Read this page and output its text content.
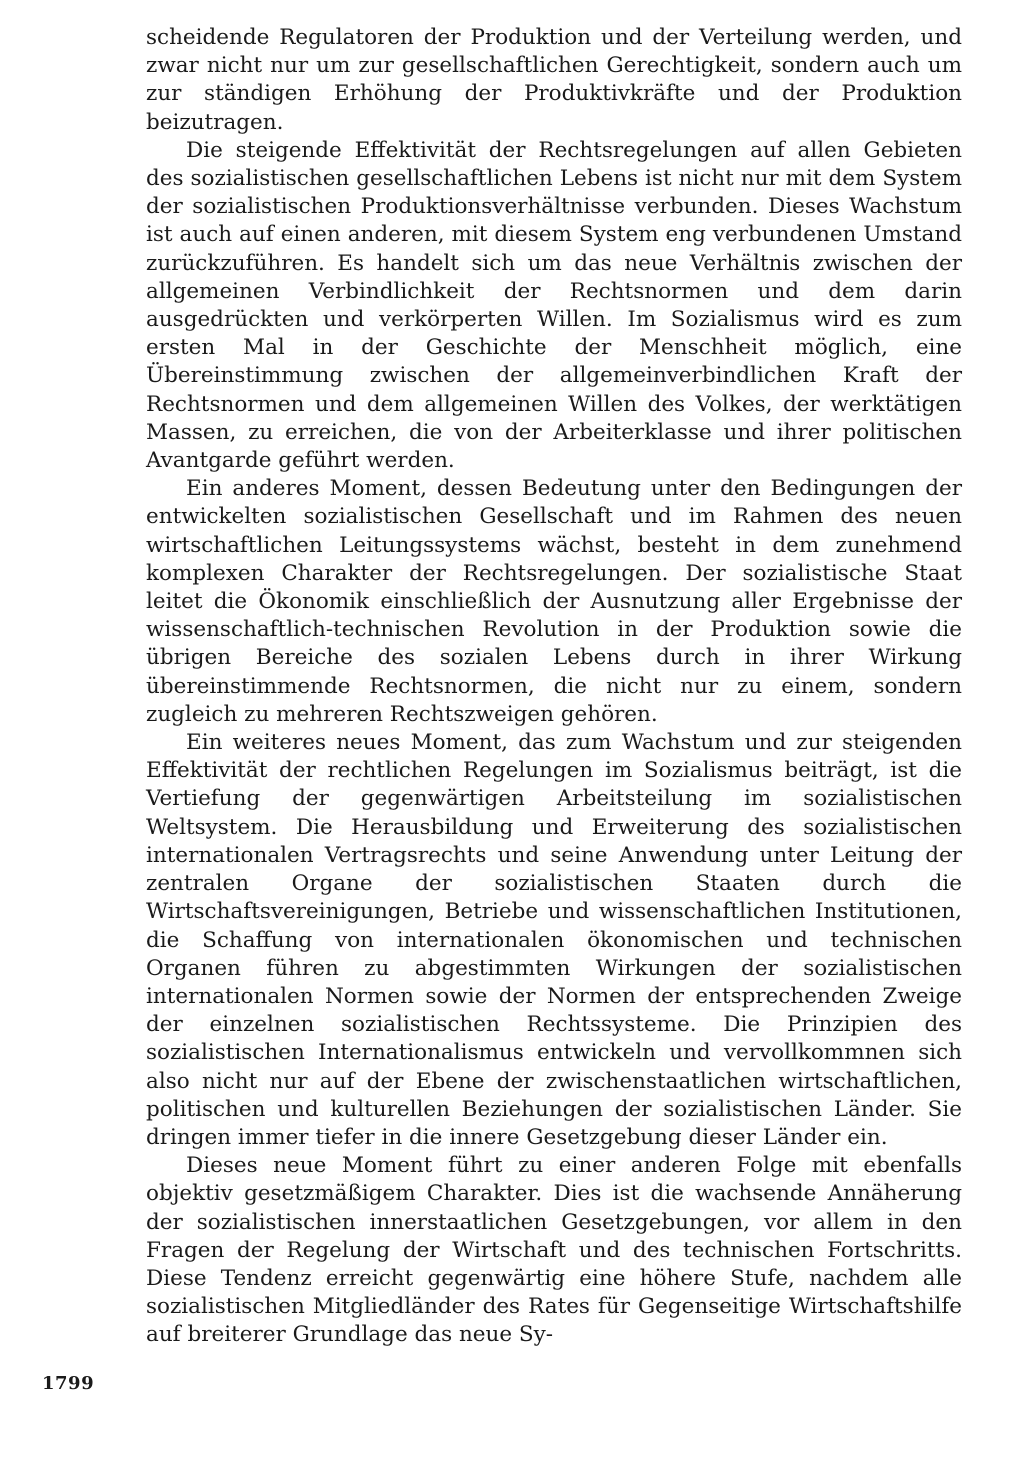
scheidende Regulatoren der Produktion und der Verteilung werden, und zwar nicht nur um zur gesellschaftlichen Gerechtigkeit, sondern auch um zur ständigen Erhöhung der Produktivkräfte und der Produktion beizutragen.

Die steigende Effektivität der Rechtsregelungen auf allen Gebieten des sozialistischen gesellschaftlichen Lebens ist nicht nur mit dem System der sozialistischen Produktionsverhältnisse verbunden. Dieses Wachstum ist auch auf einen anderen, mit diesem System eng verbundenen Umstand zurückzuführen. Es handelt sich um das neue Verhältnis zwischen der allgemeinen Verbindlichkeit der Rechtsnormen und dem darin ausgedrückten und verkörperten Willen. Im Sozialismus wird es zum ersten Mal in der Geschichte der Menschheit möglich, eine Übereinstimmung zwischen der allgemeinverbindlichen Kraft der Rechtsnormen und dem allgemeinen Willen des Volkes, der werktätigen Massen, zu erreichen, die von der Arbeiterklasse und ihrer politischen Avantgarde geführt werden.

Ein anderes Moment, dessen Bedeutung unter den Bedingungen der entwickelten sozialistischen Gesellschaft und im Rahmen des neuen wirtschaftlichen Leitungssystems wächst, besteht in dem zunehmend komplexen Charakter der Rechtsregelungen. Der sozialistische Staat leitet die Ökonomik einschließlich der Ausnutzung aller Ergebnisse der wissenschaftlich-technischen Revolution in der Produktion sowie die übrigen Bereiche des sozialen Lebens durch in ihrer Wirkung übereinstimmende Rechtsnormen, die nicht nur zu einem, sondern zugleich zu mehreren Rechtszweigen gehören.

Ein weiteres neues Moment, das zum Wachstum und zur steigenden Effektivität der rechtlichen Regelungen im Sozialismus beiträgt, ist die Vertiefung der gegenwärtigen Arbeitsteilung im sozialistischen Weltsystem. Die Herausbildung und Erweiterung des sozialistischen internationalen Vertragsrechts und seine Anwendung unter Leitung der zentralen Organe der sozialistischen Staaten durch die Wirtschaftsvereinigungen, Betriebe und wissenschaftlichen Institutionen, die Schaffung von internationalen ökonomischen und technischen Organen führen zu abgestimmten Wirkungen der sozialistischen internationalen Normen sowie der Normen der entsprechenden Zweige der einzelnen sozialistischen Rechtssysteme. Die Prinzipien des sozialistischen Internationalismus entwickeln und vervollkommnen sich also nicht nur auf der Ebene der zwischenstaatlichen wirtschaftlichen, politischen und kulturellen Beziehungen der sozialistischen Länder. Sie dringen immer tiefer in die innere Gesetzgebung dieser Länder ein.

Dieses neue Moment führt zu einer anderen Folge mit ebenfalls objektiv gesetzmäßigem Charakter. Dies ist die wachsende Annäherung der sozialistischen innerstaatlichen Gesetzgebungen, vor allem in den Fragen der Regelung der Wirtschaft und des technischen Fortschritts. Diese Tendenz erreicht gegenwärtig eine höhere Stufe, nachdem alle sozialistischen Mitgliedländer des Rates für Gegenseitige Wirtschaftshilfe auf breiterer Grundlage das neue Sy-

1799
